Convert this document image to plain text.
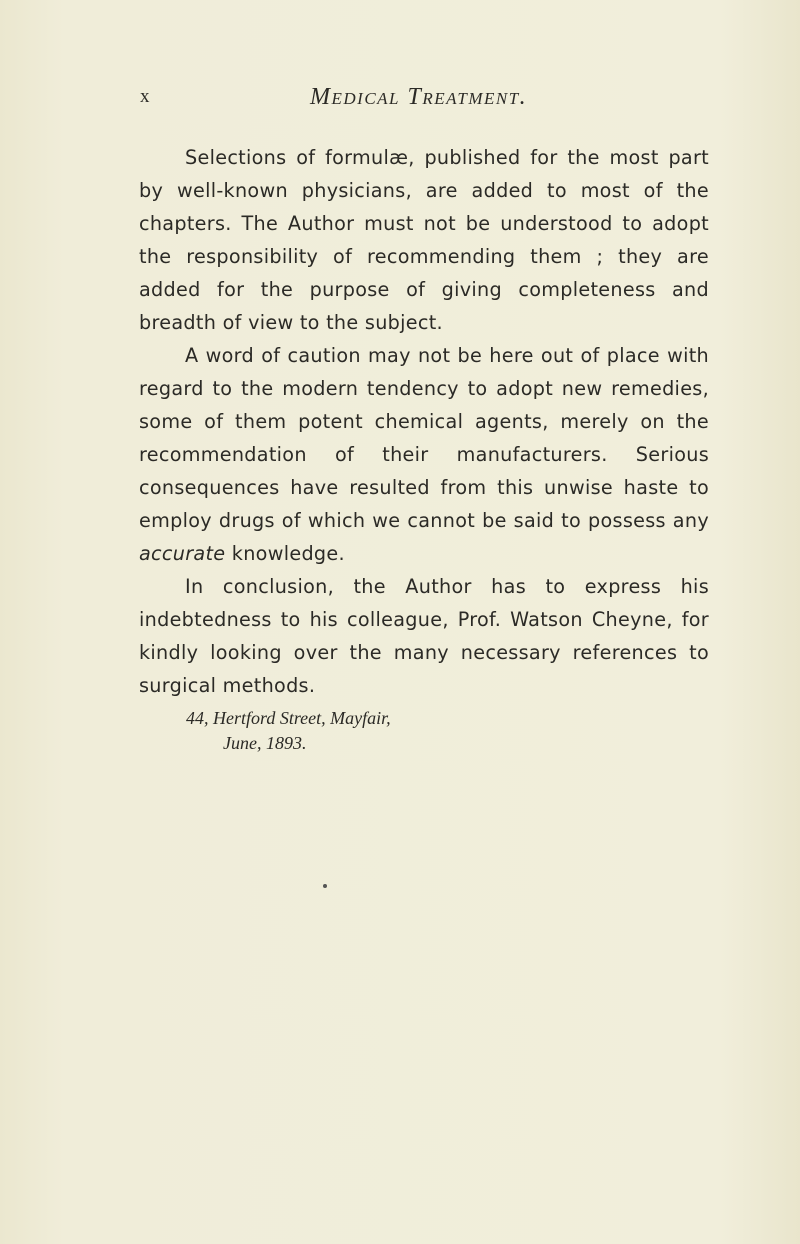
x	Medical Treatment.

Selections of formulæ, published for the most part by well-known physicians, are added to most of the chapters. The Author must not be understood to adopt the responsibility of recommending them ; they are added for the purpose of giving completeness and breadth of view to the subject.

A word of caution may not be here out of place with regard to the modern tendency to adopt new remedies, some of them potent chemical agents, merely on the recommendation of their manufacturers. Serious consequences have resulted from this unwise haste to employ drugs of which we cannot be said to possess any accurate knowledge.

In conclusion, the Author has to express his indebtedness to his colleague, Prof. Watson Cheyne, for kindly looking over the many necessary references to surgical methods.

44, Hertford Street, Mayfair,
June, 1893.
